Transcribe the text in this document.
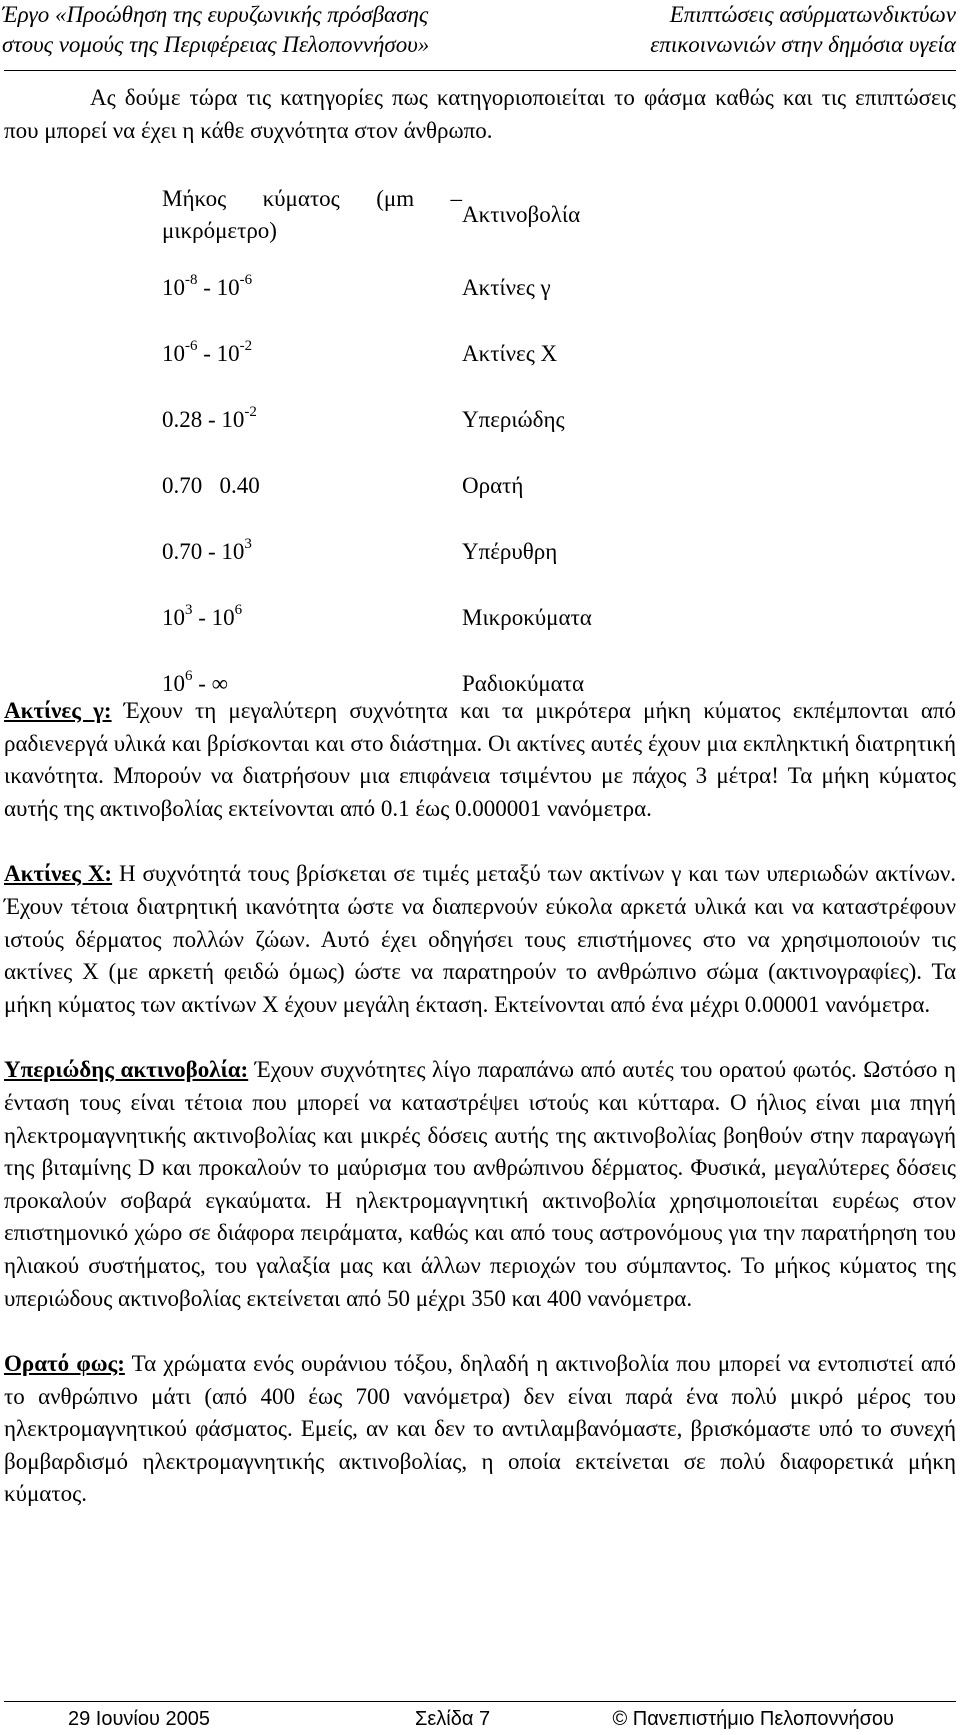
Έργο «Προώθηση της ευρυζωνικής πρόσβασης
στους νομούς της Περιφέρειας Πελοποννήσου»
Επιπτώσεις ασύρματωνδικτύων
επικοινωνιών στην δημόσια υγεία

Ας δούμε τώρα τις κατηγορίες πως κατηγοριοποιείται το φάσμα καθώς και τις επιπτώσεις που μπορεί να έχει η κάθε συχνότητα στον άνθρωπο.

Μήκος κύματος (μm – μικρόμετρο)	Ακτινοβολία
$10^{-8} - 10^{-6}$	Ακτίνες γ
$10^{-6} - 10^{-2}$	Ακτίνες Χ
$0.28 - 10^{-2}$	Υπεριώδης
0.70 0.40	Ορατή
$0.70 - 10^3$	Υπέρυθρη
$10^3 - 10^6$	Μικροκύματα
$10^6$ - ∞	Ραδιοκύματα

Ακτίνες γ: Έχουν τη μεγαλύτερη συχνότητα και τα μικρότερα μήκη κύματος εκπέμπονται από ραδιενεργά υλικά και βρίσκονται και στο διάστημα. Οι ακτίνες αυτές έχουν μια εκπληκτική διατρητική ικανότητα. Μπορούν να διατρήσουν μια επιφάνεια τσιμέντου με πάχος 3 μέτρα! Τα μήκη κύματος αυτής της ακτινοβολίας εκτείνονται από 0.1 έως 0.000001 νανόμετρα.

Ακτίνες Χ: Η συχνότητά τους βρίσκεται σε τιμές μεταξύ των ακτίνων γ και των υπεριωδών ακτίνων. Έχουν τέτοια διατρητική ικανότητα ώστε να διαπερνούν εύκολα αρκετά υλικά και να καταστρέφουν ιστούς δέρματος πολλών ζώων. Αυτό έχει οδηγήσει τους επιστήμονες στο να χρησιμοποιούν τις ακτίνες Χ (με αρκετή φειδώ όμως) ώστε να παρατηρούν το ανθρώπινο σώμα (ακτινογραφίες). Τα μήκη κύματος των ακτίνων Χ έχουν μεγάλη έκταση. Εκτείνονται από ένα μέχρι 0.00001 νανόμετρα.

Υπεριώδης ακτινοβολία: Έχουν συχνότητες λίγο παραπάνω από αυτές του ορατού φωτός. Ωστόσο η ένταση τους είναι τέτοια που μπορεί να καταστρέψει ιστούς και κύτταρα. Ο ήλιος είναι μια πηγή ηλεκτρομαγνητικής ακτινοβολίας και μικρές δόσεις αυτής της ακτινοβολίας βοηθούν στην παραγωγή της βιταμίνης D και προκαλούν το μαύρισμα του ανθρώπινου δέρματος. Φυσικά, μεγαλύτερες δόσεις προκαλούν σοβαρά εγκαύματα. Η ηλεκτρομαγνητική ακτινοβολία χρησιμοποιείται ευρέως στον επιστημονικό χώρο σε διάφορα πειράματα, καθώς και από τους αστρονόμους για την παρατήρηση του ηλιακού συστήματος, του γαλαξία μας και άλλων περιοχών του σύμπαντος. Το μήκος κύματος της υπεριώδους ακτινοβολίας εκτείνεται από 50 μέχρι 350 και 400 νανόμετρα.

Ορατό φως: Τα χρώματα ενός ουράνιου τόξου, δηλαδή η ακτινοβολία που μπορεί να εντοπιστεί από το ανθρώπινο μάτι (από 400 έως 700 νανόμετρα) δεν είναι παρά ένα πολύ μικρό μέρος του ηλεκτρομαγνητικού φάσματος. Εμείς, αν και δεν το αντιλαμβανόμαστε, βρισκόμαστε υπό το συνεχή βομβαρδισμό ηλεκτρομαγνητικής ακτινοβολίας, η οποία εκτείνεται σε πολύ διαφορετικά μήκη κύματος.

29 Ιουνίου 2005	Σελίδα 7	© Πανεπιστήμιο Πελοποννήσου
